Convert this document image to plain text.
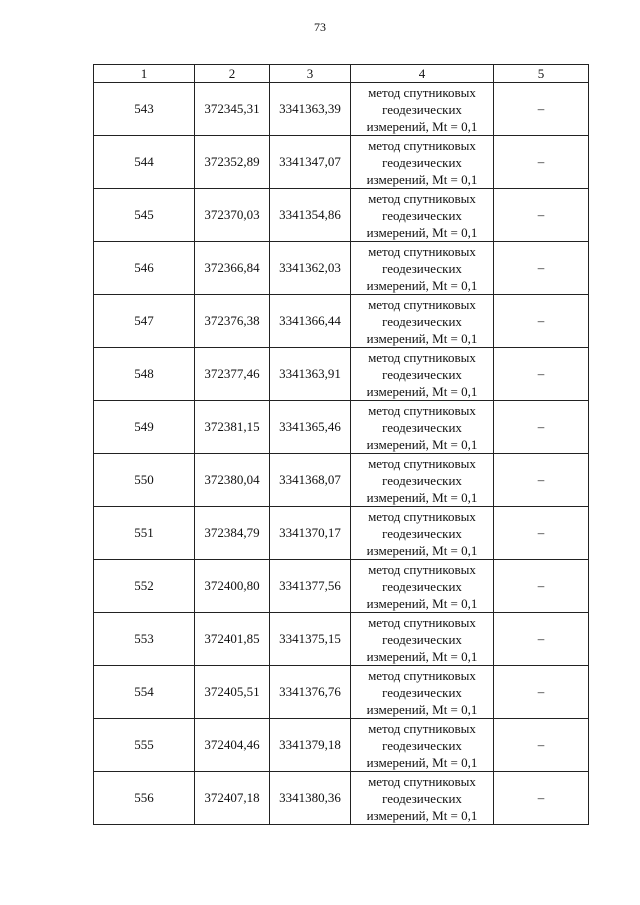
73
1	2	3	4	5
543	372345,31	3341363,39	метод спутниковых геодезических измерений, Mt = 0,1	–
544	372352,89	3341347,07	метод спутниковых геодезических измерений, Mt = 0,1	–
545	372370,03	3341354,86	метод спутниковых геодезических измерений, Mt = 0,1	–
546	372366,84	3341362,03	метод спутниковых геодезических измерений, Mt = 0,1	–
547	372376,38	3341366,44	метод спутниковых геодезических измерений, Mt = 0,1	–
548	372377,46	3341363,91	метод спутниковых геодезических измерений, Mt = 0,1	–
549	372381,15	3341365,46	метод спутниковых геодезических измерений, Mt = 0,1	–
550	372380,04	3341368,07	метод спутниковых геодезических измерений, Mt = 0,1	–
551	372384,79	3341370,17	метод спутниковых геодезических измерений, Mt = 0,1	–
552	372400,80	3341377,56	метод спутниковых геодезических измерений, Mt = 0,1	–
553	372401,85	3341375,15	метод спутниковых геодезических измерений, Mt = 0,1	–
554	372405,51	3341376,76	метод спутниковых геодезических измерений, Mt = 0,1	–
555	372404,46	3341379,18	метод спутниковых геодезических измерений, Mt = 0,1	–
556	372407,18	3341380,36	метод спутниковых геодезических измерений, Mt = 0,1	–
